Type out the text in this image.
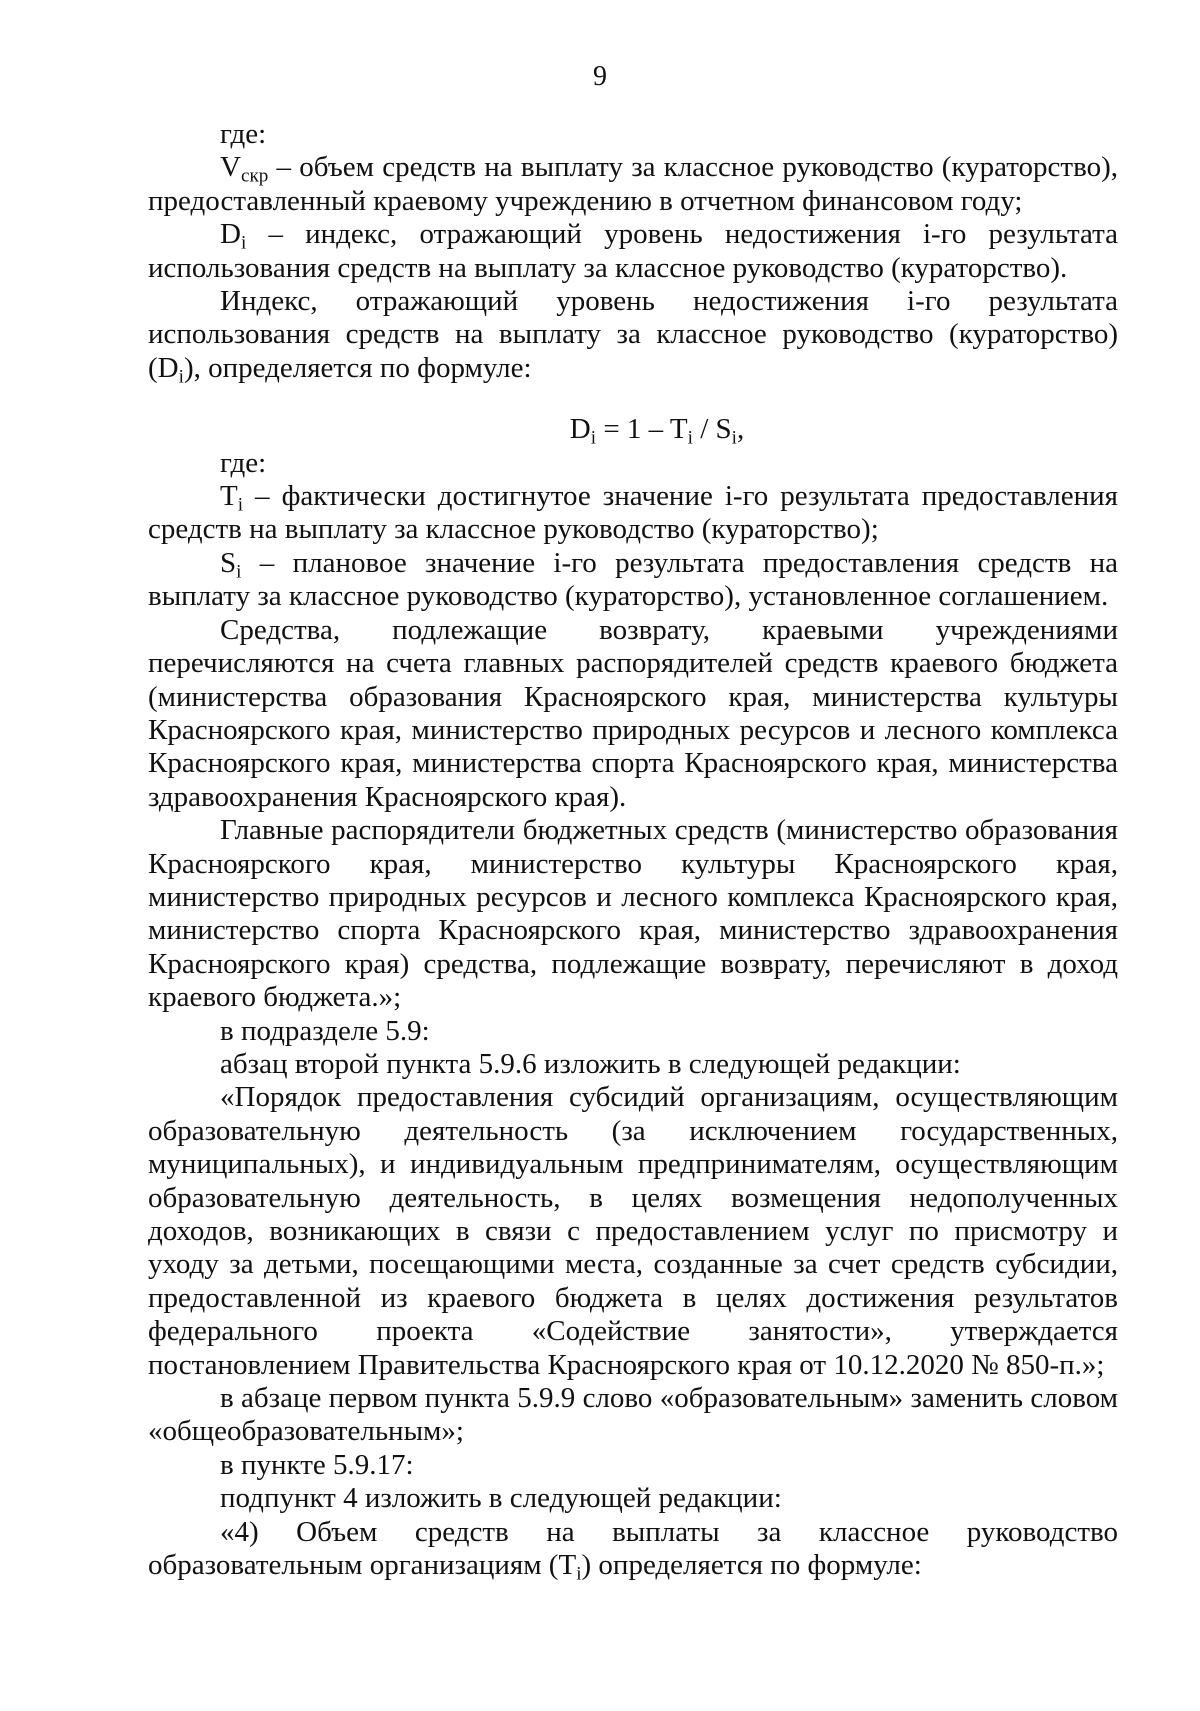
9

где:

$V_{скр}$ – объем средств на выплату за классное руководство (кураторство), предоставленный краевому учреждению в отчетном финансовом году;

$D_i$ – индекс, отражающий уровень недостижения i-го результата использования средств на выплату за классное руководство (кураторство).

Индекс, отражающий уровень недостижения i-го результата использования средств на выплату за классное руководство (кураторство) $(D_i)$, определяется по формуле:

$D_i = 1 - T_i / S_i$,

где:

$T_i$ – фактически достигнутое значение i-го результата предоставления средств на выплату за классное руководство (кураторство);

$S_i$ – плановое значение i-го результата предоставления средств на выплату за классное руководство (кураторство), установленное соглашением.

Средства, подлежащие возврату, краевыми учреждениями перечисляются на счета главных распорядителей средств краевого бюджета (министерства образования Красноярского края, министерства культуры Красноярского края, министерство природных ресурсов и лесного комплекса Красноярского края, министерства спорта Красноярского края, министерства здравоохранения Красноярского края).

Главные распорядители бюджетных средств (министерство образования Красноярского края, министерство культуры Красноярского края, министерство природных ресурсов и лесного комплекса Красноярского края, министерство спорта Красноярского края, министерство здравоохранения Красноярского края) средства, подлежащие возврату, перечисляют в доход краевого бюджета.»;

в подразделе 5.9:

абзац второй пункта 5.9.6 изложить в следующей редакции:

«Порядок предоставления субсидий организациям, осуществляющим образовательную деятельность (за исключением государственных, муниципальных), и индивидуальным предпринимателям, осуществляющим образовательную деятельность, в целях возмещения недополученных доходов, возникающих в связи с предоставлением услуг по присмотру и уходу за детьми, посещающими места, созданные за счет средств субсидии, предоставленной из краевого бюджета в целях достижения результатов федерального проекта «Содействие занятости», утверждается постановлением Правительства Красноярского края от 10.12.2020 № 850-п.»;

в абзаце первом пункта 5.9.9 слово «образовательным» заменить словом «общеобразовательным»;

в пункте 5.9.17:

подпункт 4 изложить в следующей редакции:

«4) Объем средств на выплаты за классное руководство образовательным организациям $(T_i)$ определяется по формуле:
